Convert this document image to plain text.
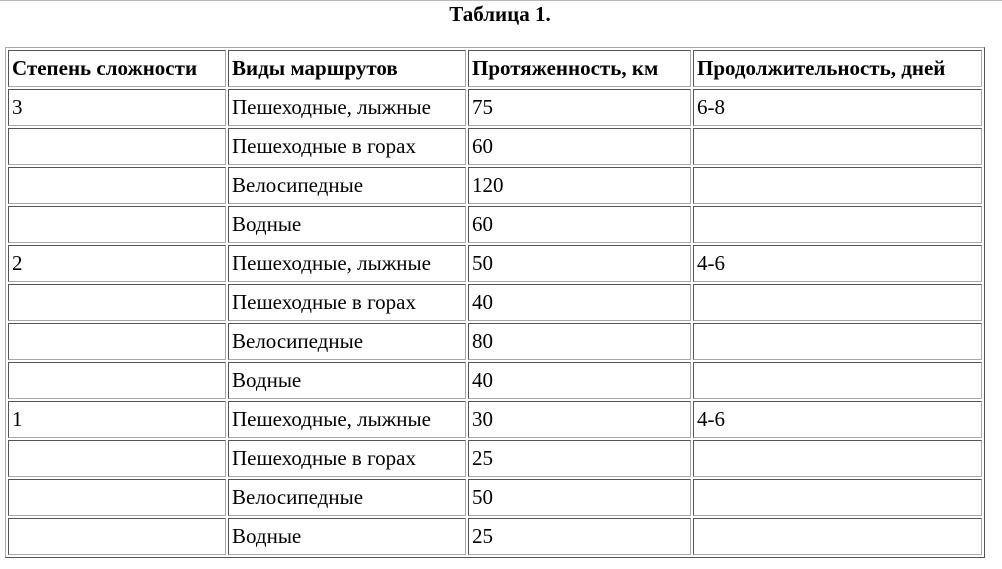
Таблица 1.
Степень сложности	Виды маршрутов	Протяженность, км	Продолжительность, дней
3	Пешеходные, лыжные	75	6-8
	Пешеходные в горах	60	
	Велосипедные	120	
	Водные	60	
2	Пешеходные, лыжные	50	4-6
	Пешеходные в горах	40	
	Велосипедные	80	
	Водные	40	
1	Пешеходные, лыжные	30	4-6
	Пешеходные в горах	25	
	Велосипедные	50	
	Водные	25	
